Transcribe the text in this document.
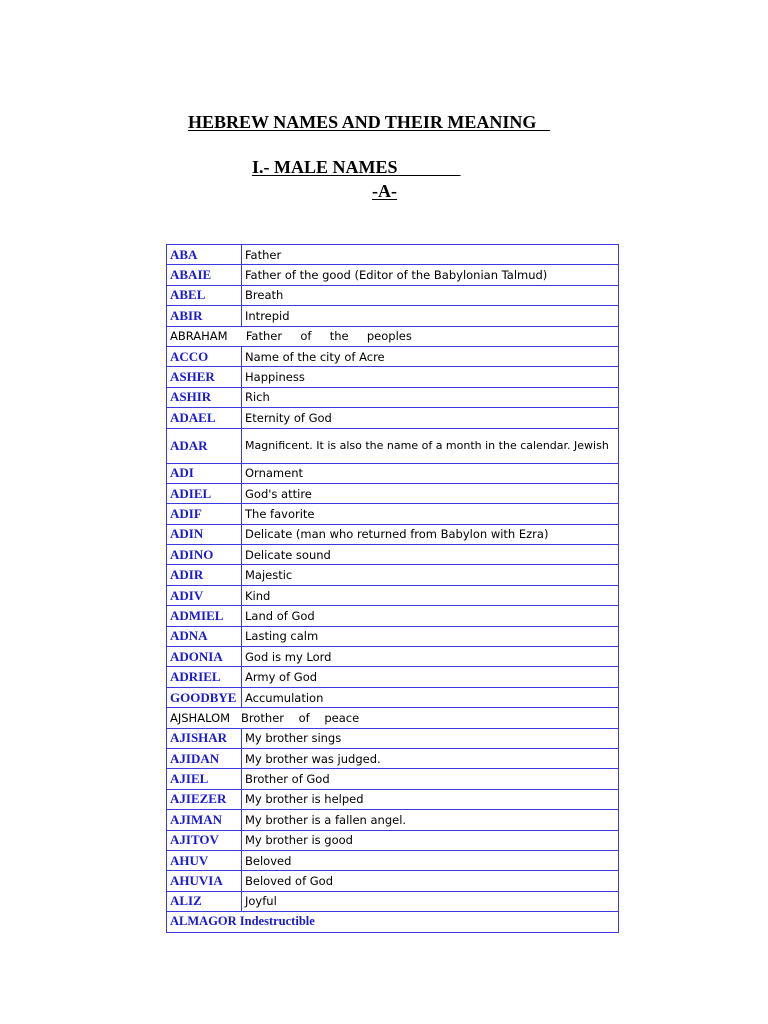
HEBREW NAMES AND THEIR MEANING
I.- MALE NAMES
-A-
ABA	Father
ABAIE	Father of the good (Editor of the Babylonian Talmud)
ABEL	Breath
ABIR	Intrepid
ABRAHAM     Father     of     the     peoples	
ACCO	Name of the city of Acre
ASHER	Happiness
ASHIR	Rich
ADAEL	Eternity of God
ADAR	Magnificent. It is also the name of a month in the calendar. Jewish
ADI	Ornament
ADIEL	God's attire
ADIF	The favorite
ADIN	Delicate (man who returned from Babylon with Ezra)
ADINO	Delicate sound
ADIR	Majestic
ADIV	Kind
ADMIEL	Land of God
ADNA	Lasting calm
ADONIA	God is my Lord
ADRIEL	Army of God
GOODBYE	Accumulation
AJSHALOM   Brother    of    peace	
AJISHAR	My brother sings
AJIDAN	My brother was judged.
AJIEL	Brother of God
AJIEZER	My brother is helped
AJIMAN	My brother is a fallen angel.
AJITOV	My brother is good
AHUV	Beloved
AHUVIA	Beloved of God
ALIZ	Joyful
ALMAGOR Indestructible	
